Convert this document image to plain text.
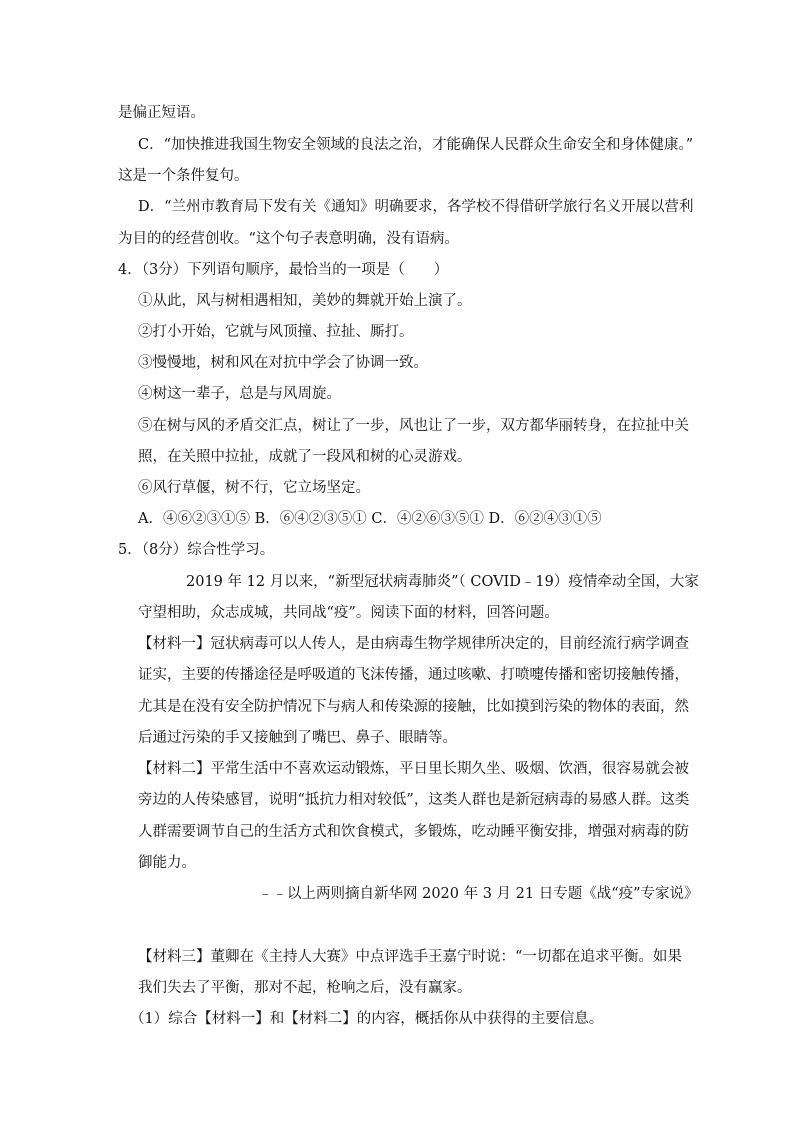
是偏正短语。
C．“加快推进我国生物安全领域的良法之治，才能确保人民群众生命安全和身体健康。”
这是一个条件复句。
D．“兰州市教育局下发有关《通知》明确要求，各学校不得借研学旅行名义开展以营利
为目的的经营创收。“这个句子表意明确，没有语病。
4．（3分）下列语句顺序，最恰当的一项是（　　）
①从此，风与树相遇相知，美妙的舞就开始上演了。
②打小开始，它就与风顶撞、拉扯、厮打。
③慢慢地，树和风在对抗中学会了协调一致。
④树这一辈子，总是与风周旋。
⑤在树与风的矛盾交汇点，树让了一步，风也让了一步，双方都华丽转身，在拉扯中关
照，在关照中拉扯，成就了一段风和树的心灵游戏。
⑥风行草偃，树不行，它立场坚定。
A．④⑥②③①⑤ B．⑥④②③⑤① C．④②⑥③⑤① D．⑥②④③①⑤
5．（8分）综合性学习。
2019 年 12 月以来，“新型冠状病毒肺炎”（ COVID﹣19）疫情牵动全国，大家
守望相助，众志成城，共同战“疫”。阅读下面的材料，回答问题。
【材料一】冠状病毒可以人传人，是由病毒生物学规律所决定的，目前经流行病学调查
证实，主要的传播途径是呼吸道的飞沫传播，通过咳嗽、打喷嚏传播和密切接触传播，
尤其是在没有安全防护情况下与病人和传染源的接触，比如摸到污染的物体的表面，然
后通过污染的手又接触到了嘴巴、鼻子、眼睛等。
【材料二】平常生活中不喜欢运动锻炼，平日里长期久坐、吸烟、饮酒，很容易就会被
旁边的人传染感冒，说明“抵抗力相对较低”，这类人群也是新冠病毒的易感人群。这类
人群需要调节自己的生活方式和饮食模式，多锻炼，吃动睡平衡安排，增强对病毒的防
御能力。
﹣﹣以上两则摘自新华网 2020 年 3 月 21 日专题《战“疫”专家说》
【材料三】董卿在《主持人大赛》中点评选手王嘉宁时说：“一切都在追求平衡。如果
我们失去了平衡，那对不起，枪响之后，没有赢家。
（1）综合【材料一】和【材料二】的内容，概括你从中获得的主要信息。
